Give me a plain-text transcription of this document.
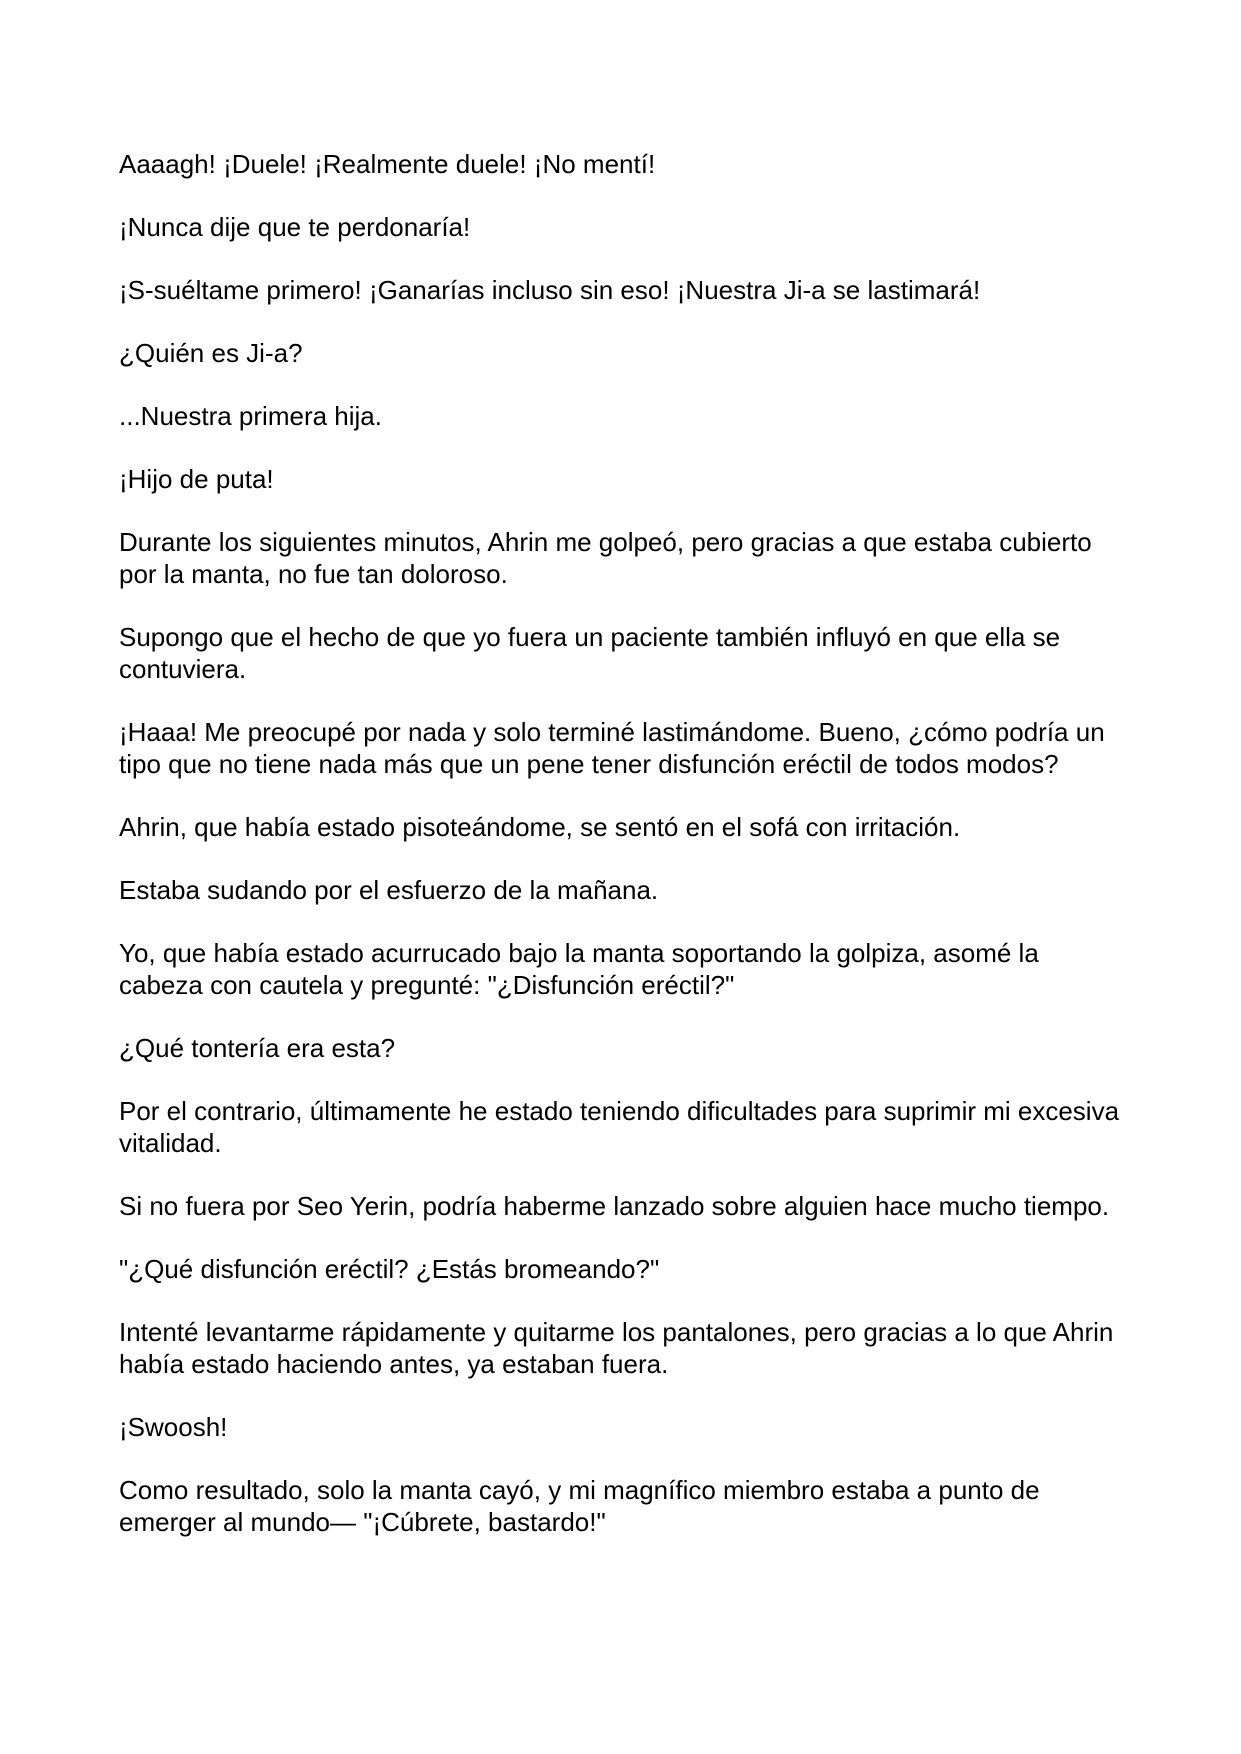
Aaaagh! ¡Duele! ¡Realmente duele! ¡No mentí!

¡Nunca dije que te perdonaría!

¡S-suéltame primero! ¡Ganarías incluso sin eso! ¡Nuestra Ji-a se lastimará!

¿Quién es Ji-a?

...Nuestra primera hija.

¡Hijo de puta!

Durante los siguientes minutos, Ahrin me golpeó, pero gracias a que estaba cubierto por la manta, no fue tan doloroso.

Supongo que el hecho de que yo fuera un paciente también influyó en que ella se contuviera.

¡Haaa! Me preocupé por nada y solo terminé lastimándome. Bueno, ¿cómo podría un tipo que no tiene nada más que un pene tener disfunción eréctil de todos modos?

Ahrin, que había estado pisoteándome, se sentó en el sofá con irritación.

Estaba sudando por el esfuerzo de la mañana.

Yo, que había estado acurrucado bajo la manta soportando la golpiza, asomé la cabeza con cautela y pregunté: "¿Disfunción eréctil?"

¿Qué tontería era esta?

Por el contrario, últimamente he estado teniendo dificultades para suprimir mi excesiva vitalidad.

Si no fuera por Seo Yerin, podría haberme lanzado sobre alguien hace mucho tiempo.

"¿Qué disfunción eréctil? ¿Estás bromeando?"

Intenté levantarme rápidamente y quitarme los pantalones, pero gracias a lo que Ahrin había estado haciendo antes, ya estaban fuera.

¡Swoosh!

Como resultado, solo la manta cayó, y mi magnífico miembro estaba a punto de emerger al mundo— "¡Cúbrete, bastardo!"
